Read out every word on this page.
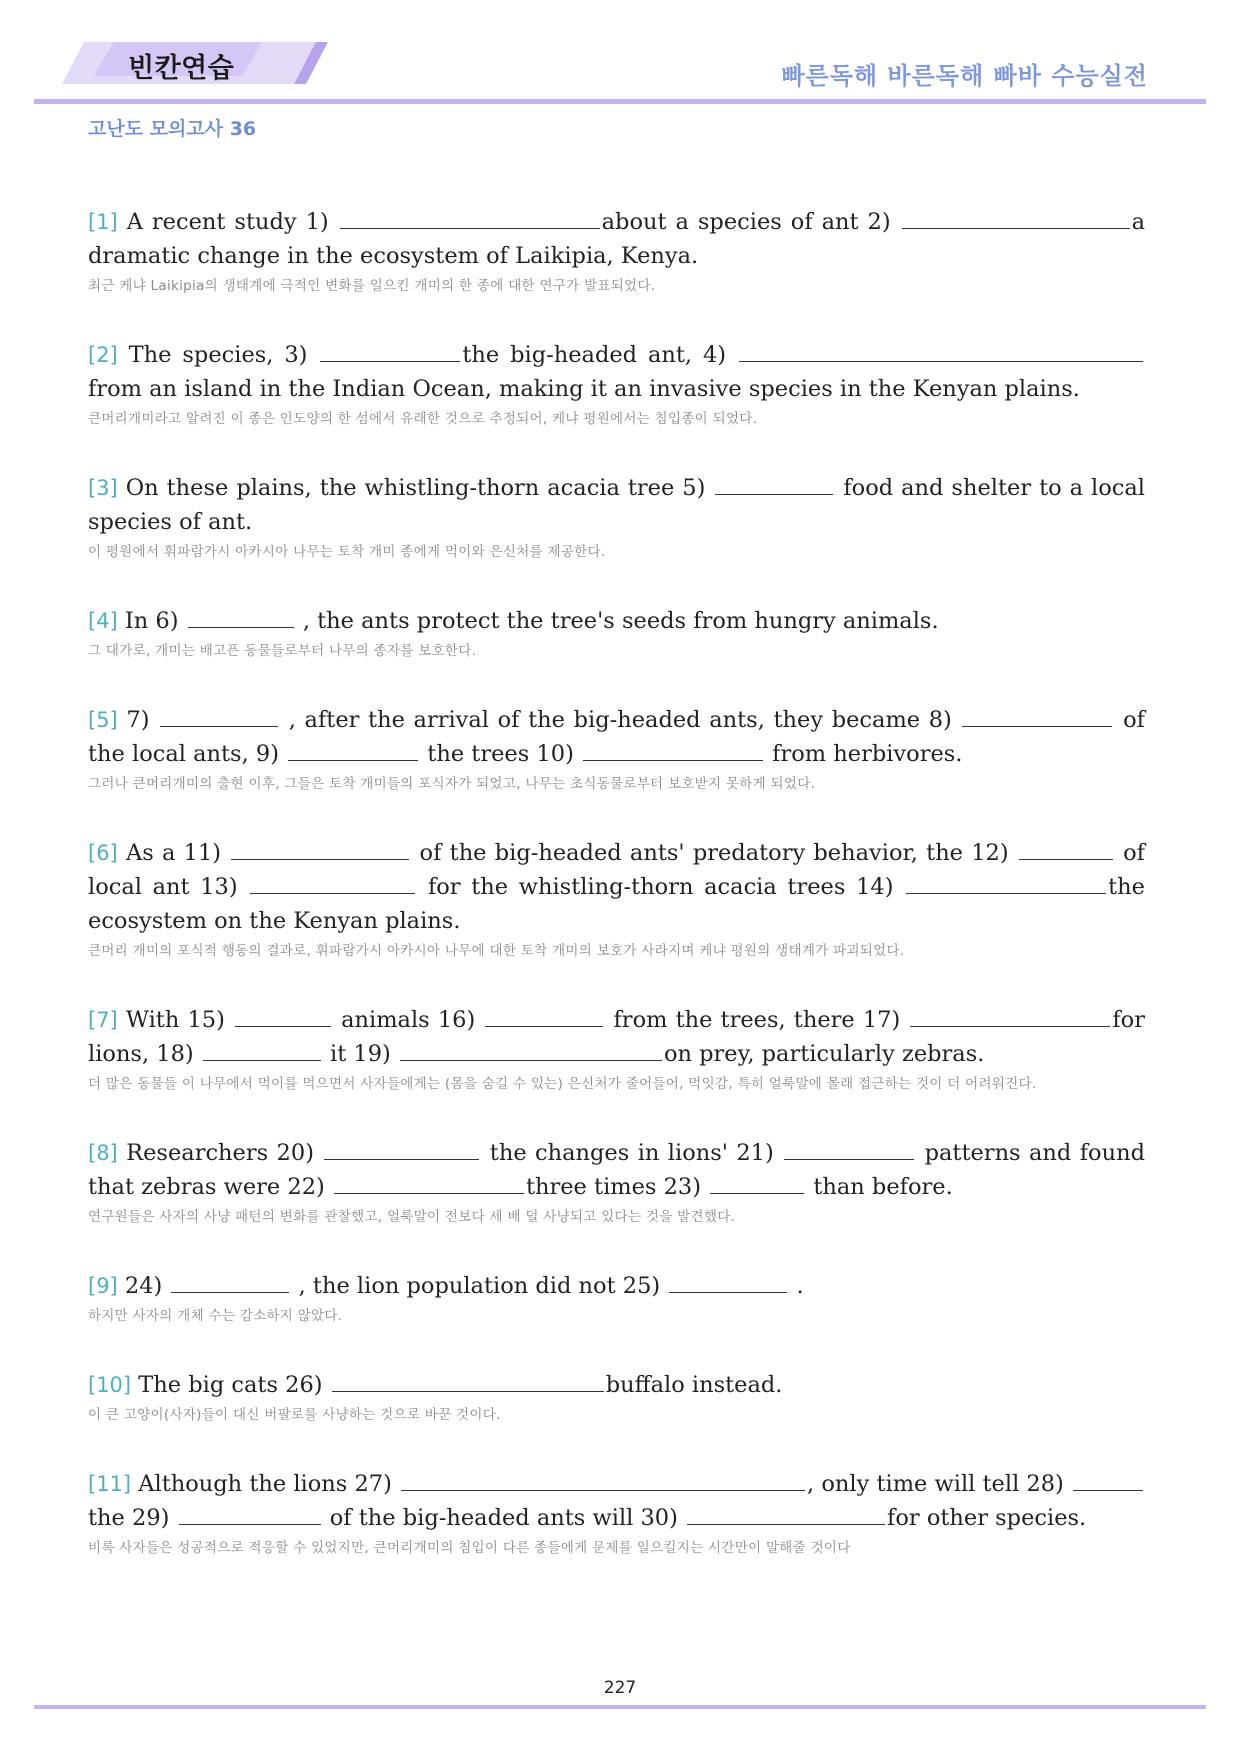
빈칸연습	빠른독해 바른독해 빠바 수능실전
고난도 모의고사 36
[1] A recent study 1)	about a species of ant 2)	a dramatic change in the ecosystem of Laikipia, Kenya.
최근 케냐 Laikipia의 생태계에 극적인 변화를 일으킨 개미의 한 종에 대한 연구가 발표되었다.
[2] The species, 3)	the big-headed ant, 4) from an island in the Indian Ocean, making it an invasive species in the Kenyan plains.
큰머리개미라고 알려진 이 종은 인도양의 한 섬에서 유래한 것으로 추정되어, 케냐 평원에서는 침입종이 되었다.
[3] On these plains, the whistling-thorn acacia tree 5)	food and shelter to a local species of ant.
이 평원에서 휘파람가시 아카시아 나무는 토착 개미 종에게 먹이와 은신처를 제공한다.
[4] In 6)	, the ants protect the tree's seeds from hungry animals.
그 대가로, 개미는 배고픈 동물들로부터 나무의 종자를 보호한다.
[5] 7)	, after the arrival of the big-headed ants, they became 8)	of the local ants, 9)	the trees 10)	from herbivores.
그러나 큰머리개미의 출현 이후, 그들은 토착 개미들의 포식자가 되었고, 나무는 초식동물로부터 보호받지 못하게 되었다.
[6] As a 11)	of the big-headed ants' predatory behavior, the 12)	of local ant 13)	for the whistling-thorn acacia trees 14)	the ecosystem on the Kenyan plains.
큰머리 개미의 포식적 행동의 결과로, 휘파람가시 아카시아 나무에 대한 토착 개미의 보호가 사라지며 케냐 평원의 생태계가 파괴되었다.
[7] With 15)	animals 16)	from the trees, there 17)	for lions, 18)	it 19)	on prey, particularly zebras.
더 많은 동물들 이 나무에서 먹이를 먹으면서 사자들에게는 (몸을 숨길 수 있는) 은신처가 줄어들어, 먹잇감, 특히 얼룩말에 몰래 접근하는 것이 더 어려워진다.
[8] Researchers 20)	the changes in lions' 21)	patterns and found that zebras were 22)	three times 23)	than before.
연구원들은 사자의 사냥 패턴의 변화를 관찰했고, 얼룩말이 전보다 세 배 덜 사냥되고 있다는 것을 발견했다.
[9] 24)	, the lion population did not 25)	.
하지만 사자의 개체 수는 감소하지 않았다.
[10] The big cats 26)	buffalo instead.
이 큰 고양이(사자)들이 대신 버팔로를 사냥하는 것으로 바꾼 것이다.
[11] Although the lions 27)	, only time will tell 28)  the 29)	of the big-headed ants will 30)	for other species.
비록 사자들은 성공적으로 적응할 수 있었지만, 큰머리개미의 침입이 다른 종들에게 문제를 일으킬지는 시간만이 말해줄 것이다
227
